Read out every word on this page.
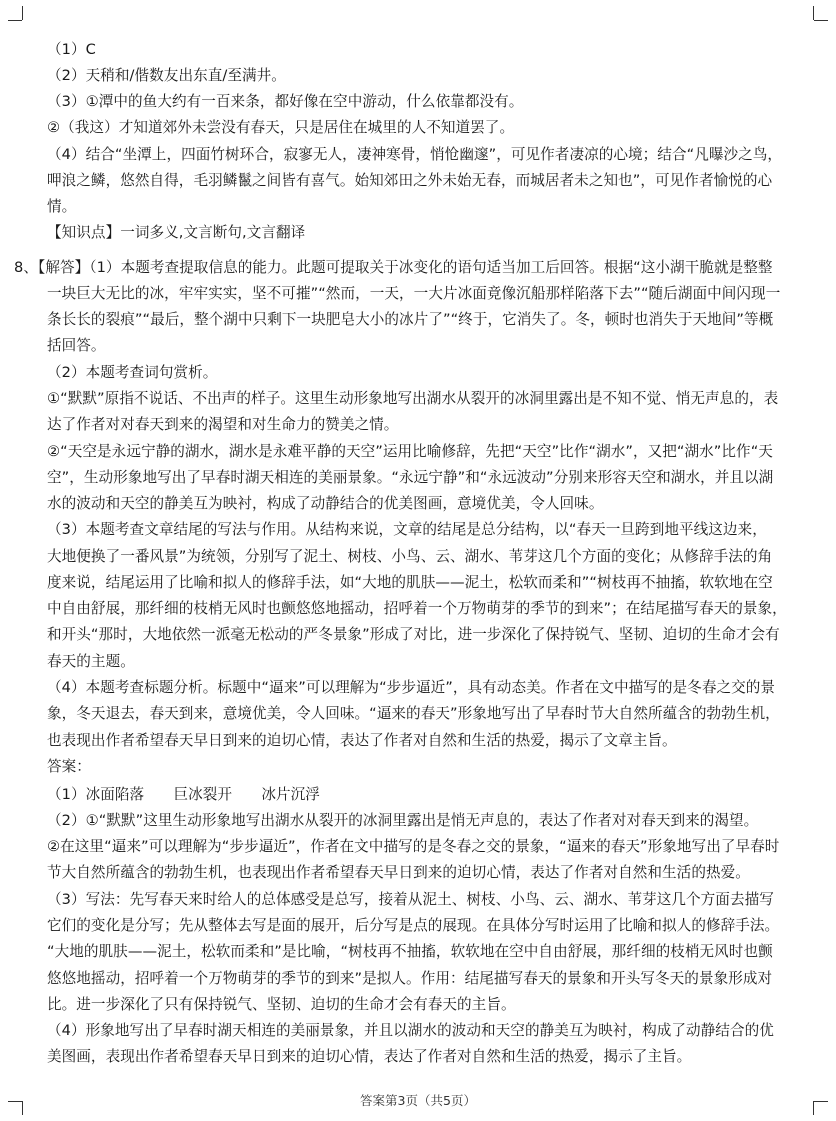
（1）C
（2）天稍和/偕数友出东直/至满井。
（3）①潭中的鱼大约有一百来条，都好像在空中游动，什么依靠都没有。
②（我这）才知道郊外未尝没有春天，只是居住在城里的人不知道罢了。
（4）结合“坐潭上，四面竹树环合，寂寥无人，凄神寒骨，悄怆幽邃”，可见作者凄凉的心境；结合“凡曝沙之鸟，
呷浪之鳞，悠然自得，毛羽鳞鬣之间皆有喜气。始知郊田之外未始无春，而城居者未之知也”，可见作者愉悦的心
情。
【知识点】一词多义,文言断句,文言翻译
8、【解答】（1）本题考查提取信息的能力。此题可提取关于冰变化的语句适当加工后回答。根据“这小湖干脆就是整整
一块巨大无比的冰，牢牢实实，坚不可摧”“然而，一天，一大片冰面竟像沉船那样陷落下去”“随后湖面中间闪现一
条长长的裂痕”“最后，整个湖中只剩下一块肥皂大小的冰片了”“终于，它消失了。冬，顿时也消失于天地间”等概
括回答。
（2）本题考查词句赏析。
①“默默”原指不说话、不出声的样子。这里生动形象地写出湖水从裂开的冰洞里露出是不知不觉、悄无声息的，表
达了作者对对春天到来的渴望和对生命力的赞美之情。
②“天空是永远宁静的湖水，湖水是永难平静的天空”运用比喻修辞，先把“天空”比作“湖水”，又把“湖水”比作“天
空”，生动形象地写出了早春时湖天相连的美丽景象。“永远宁静”和“永远波动”分别来形容天空和湖水，并且以湖
水的波动和天空的静美互为映衬，构成了动静结合的优美图画，意境优美，令人回味。
（3）本题考查文章结尾的写法与作用。从结构来说，文章的结尾是总分结构，以“春天一旦跨到地平线这边来，
大地便换了一番风景”为统领，分别写了泥土、树枝、小鸟、云、湖水、苇芽这几个方面的变化；从修辞手法的角
度来说，结尾运用了比喻和拟人的修辞手法，如“大地的肌肤——泥土，松软而柔和”“树枝再不抽搐，软软地在空
中自由舒展，那纤细的枝梢无风时也颤悠悠地摇动，招呼着一个万物萌芽的季节的到来”；在结尾描写春天的景象，
和开头“那时，大地依然一派毫无松动的严冬景象”形成了对比，进一步深化了保持锐气、坚韧、迫切的生命才会有
春天的主题。
（4）本题考查标题分析。标题中“逼来”可以理解为“步步逼近”，具有动态美。作者在文中描写的是冬春之交的景
象，冬天退去，春天到来，意境优美，令人回味。“逼来的春天”形象地写出了早春时节大自然所蕴含的勃勃生机，
也表现出作者希望春天早日到来的迫切心情，表达了作者对自然和生活的热爱，揭示了文章主旨。
答案：
（1）冰面陷落　　巨冰裂开　　冰片沉浮
（2）①“默默”这里生动形象地写出湖水从裂开的冰洞里露出是悄无声息的，表达了作者对对春天到来的渴望。
②在这里“逼来”可以理解为“步步逼近”，作者在文中描写的是冬春之交的景象，“逼来的春天”形象地写出了早春时
节大自然所蕴含的勃勃生机，也表现出作者希望春天早日到来的迫切心情，表达了作者对自然和生活的热爱。
（3）写法：先写春天来时给人的总体感受是总写，接着从泥土、树枝、小鸟、云、湖水、苇芽这几个方面去描写
它们的变化是分写；先从整体去写是面的展开，后分写是点的展现。在具体分写时运用了比喻和拟人的修辞手法。
“大地的肌肤——泥土，松软而柔和”是比喻，“树枝再不抽搐，软软地在空中自由舒展，那纤细的枝梢无风时也颤
悠悠地摇动，招呼着一个万物萌芽的季节的到来”是拟人。作用：结尾描写春天的景象和开头写冬天的景象形成对
比。进一步深化了只有保持锐气、坚韧、迫切的生命才会有春天的主旨。
（4）形象地写出了早春时湖天相连的美丽景象，并且以湖水的波动和天空的静美互为映衬，构成了动静结合的优
美图画，表现出作者希望春天早日到来的迫切心情，表达了作者对自然和生活的热爱，揭示了主旨。
答案第3页（共5页）
